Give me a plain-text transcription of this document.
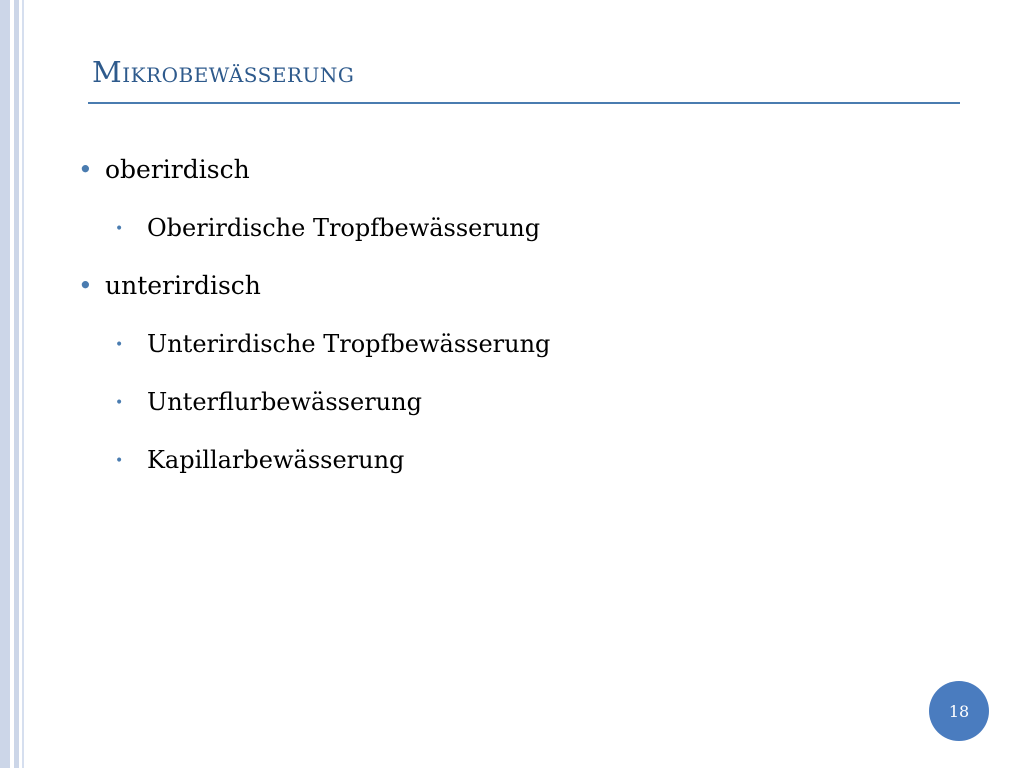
Mikrobewässerung
• oberirdisch
• Oberirdische Tropfbewässerung
• unterirdisch
• Unterirdische Tropfbewässerung
• Unterflurbewässerung
• Kapillarbewässerung
18
